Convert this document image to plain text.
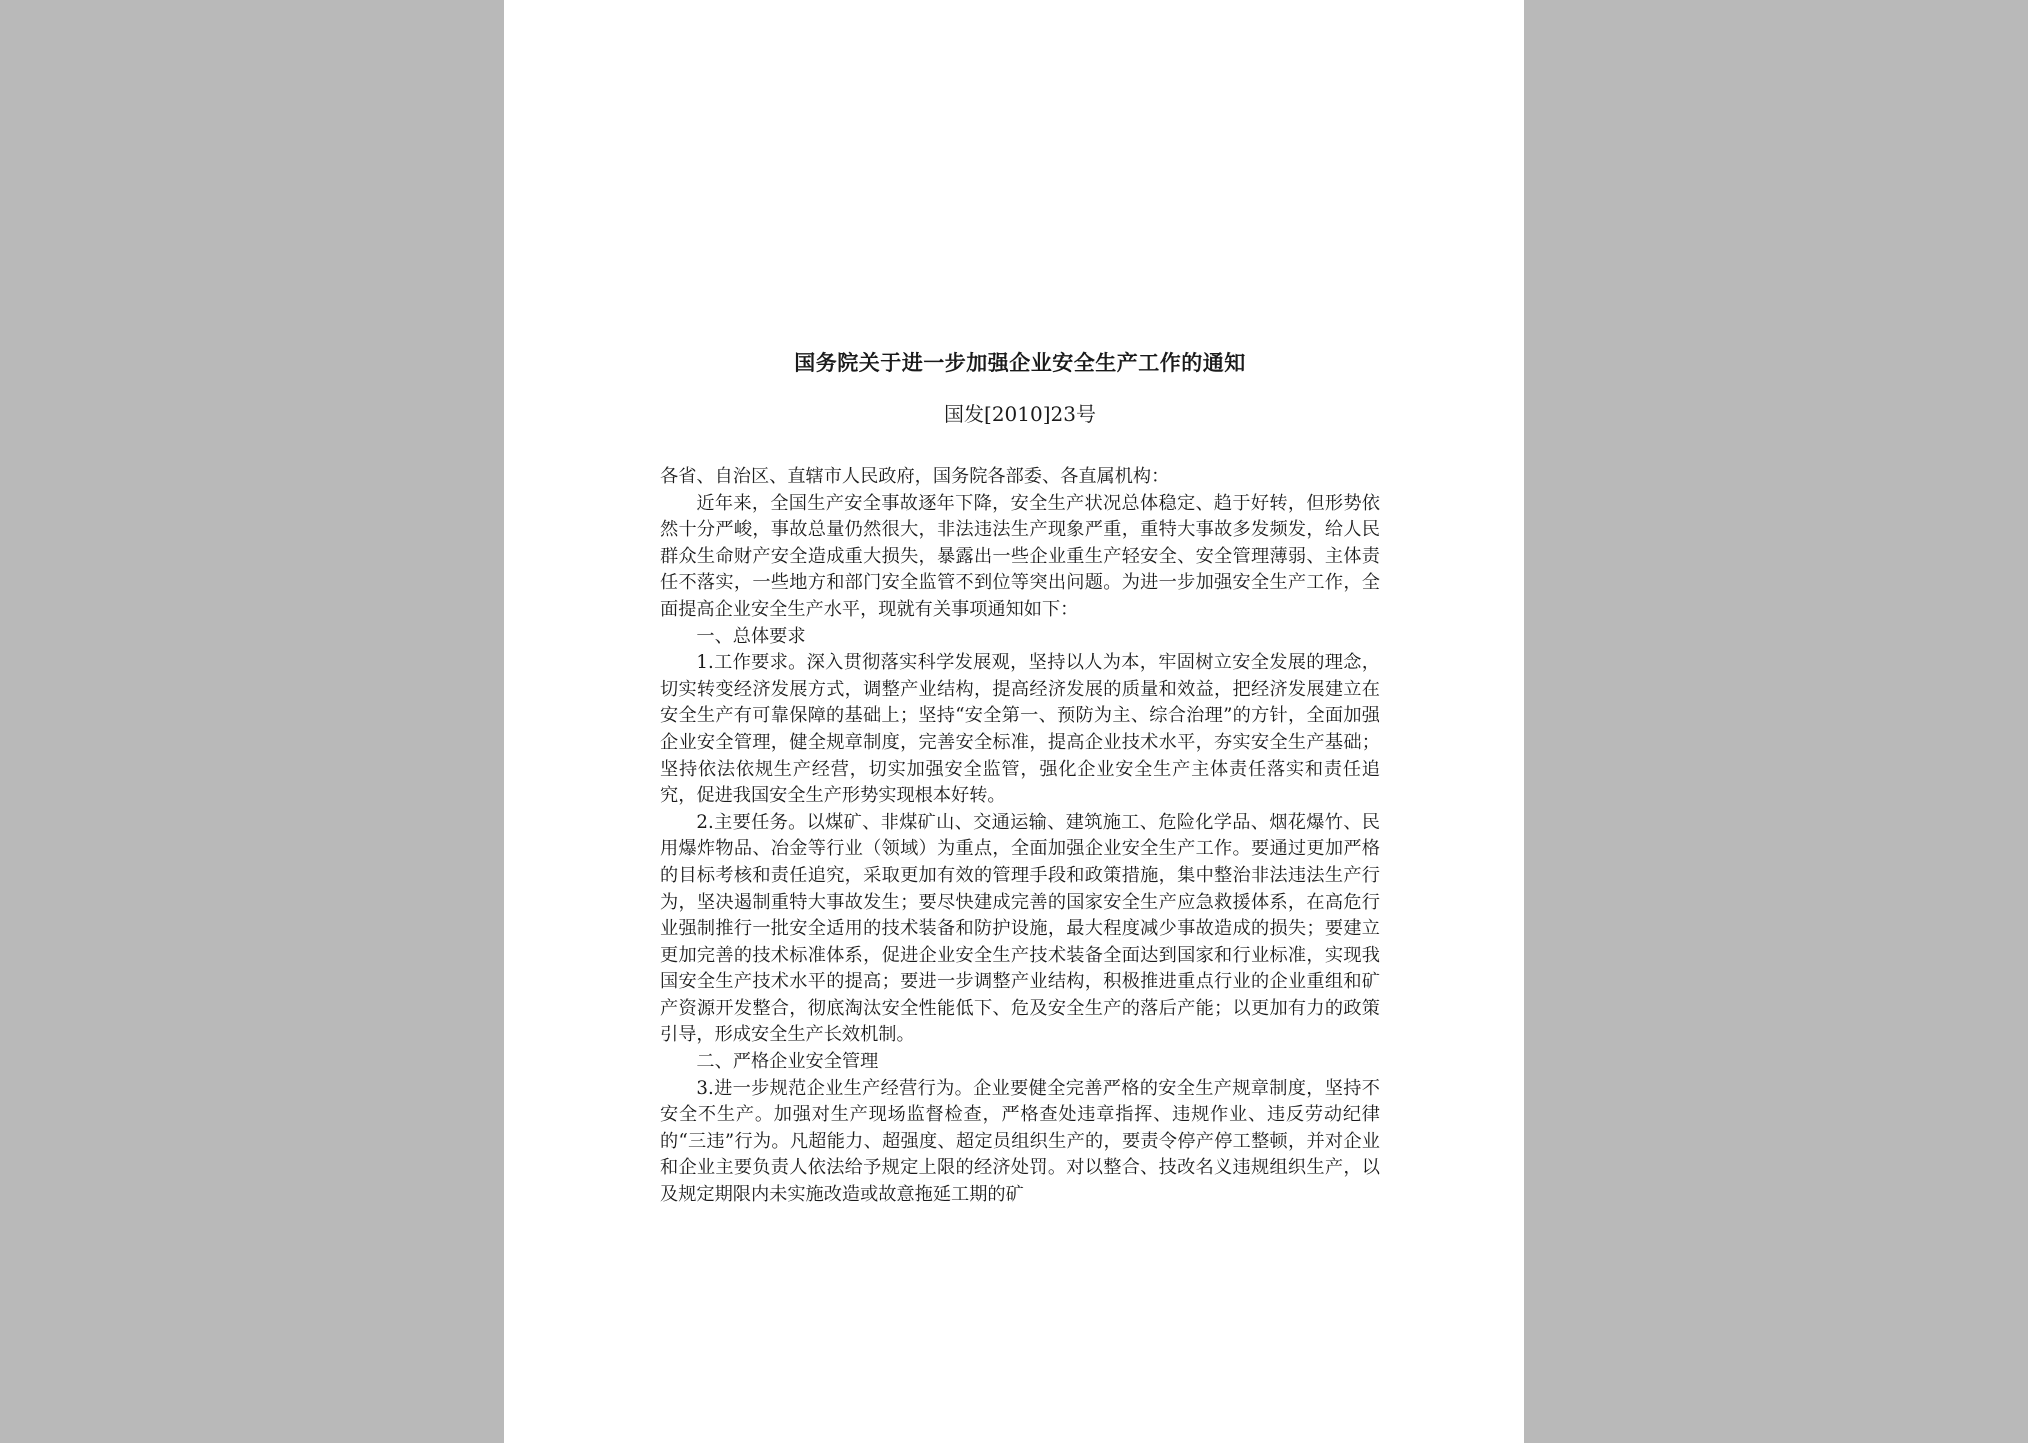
国务院关于进一步加强企业安全生产工作的通知
国发[2010]23号

各省、自治区、直辖市人民政府，国务院各部委、各直属机构：

近年来，全国生产安全事故逐年下降，安全生产状况总体稳定、趋于好转，但形势依然十分严峻，事故总量仍然很大，非法违法生产现象严重，重特大事故多发频发，给人民群众生命财产安全造成重大损失，暴露出一些企业重生产轻安全、安全管理薄弱、主体责任不落实，一些地方和部门安全监管不到位等突出问题。为进一步加强安全生产工作，全面提高企业安全生产水平，现就有关事项通知如下：

一、总体要求

1.工作要求。深入贯彻落实科学发展观，坚持以人为本，牢固树立安全发展的理念，切实转变经济发展方式，调整产业结构，提高经济发展的质量和效益，把经济发展建立在安全生产有可靠保障的基础上；坚持“安全第一、预防为主、综合治理”的方针，全面加强企业安全管理，健全规章制度，完善安全标准，提高企业技术水平，夯实安全生产基础；坚持依法依规生产经营，切实加强安全监管，强化企业安全生产主体责任落实和责任追究，促进我国安全生产形势实现根本好转。

2.主要任务。以煤矿、非煤矿山、交通运输、建筑施工、危险化学品、烟花爆竹、民用爆炸物品、冶金等行业（领域）为重点，全面加强企业安全生产工作。要通过更加严格的目标考核和责任追究，采取更加有效的管理手段和政策措施，集中整治非法违法生产行为，坚决遏制重特大事故发生；要尽快建成完善的国家安全生产应急救援体系，在高危行业强制推行一批安全适用的技术装备和防护设施，最大程度减少事故造成的损失；要建立更加完善的技术标准体系，促进企业安全生产技术装备全面达到国家和行业标准，实现我国安全生产技术水平的提高；要进一步调整产业结构，积极推进重点行业的企业重组和矿产资源开发整合，彻底淘汰安全性能低下、危及安全生产的落后产能；以更加有力的政策引导，形成安全生产长效机制。

二、严格企业安全管理

3.进一步规范企业生产经营行为。企业要健全完善严格的安全生产规章制度，坚持不安全不生产。加强对生产现场监督检查，严格查处违章指挥、违规作业、违反劳动纪律的“三违”行为。凡超能力、超强度、超定员组织生产的，要责令停产停工整顿，并对企业和企业主要负责人依法给予规定上限的经济处罚。对以整合、技改名义违规组织生产，以及规定期限内未实施改造或故意拖延工期的矿
